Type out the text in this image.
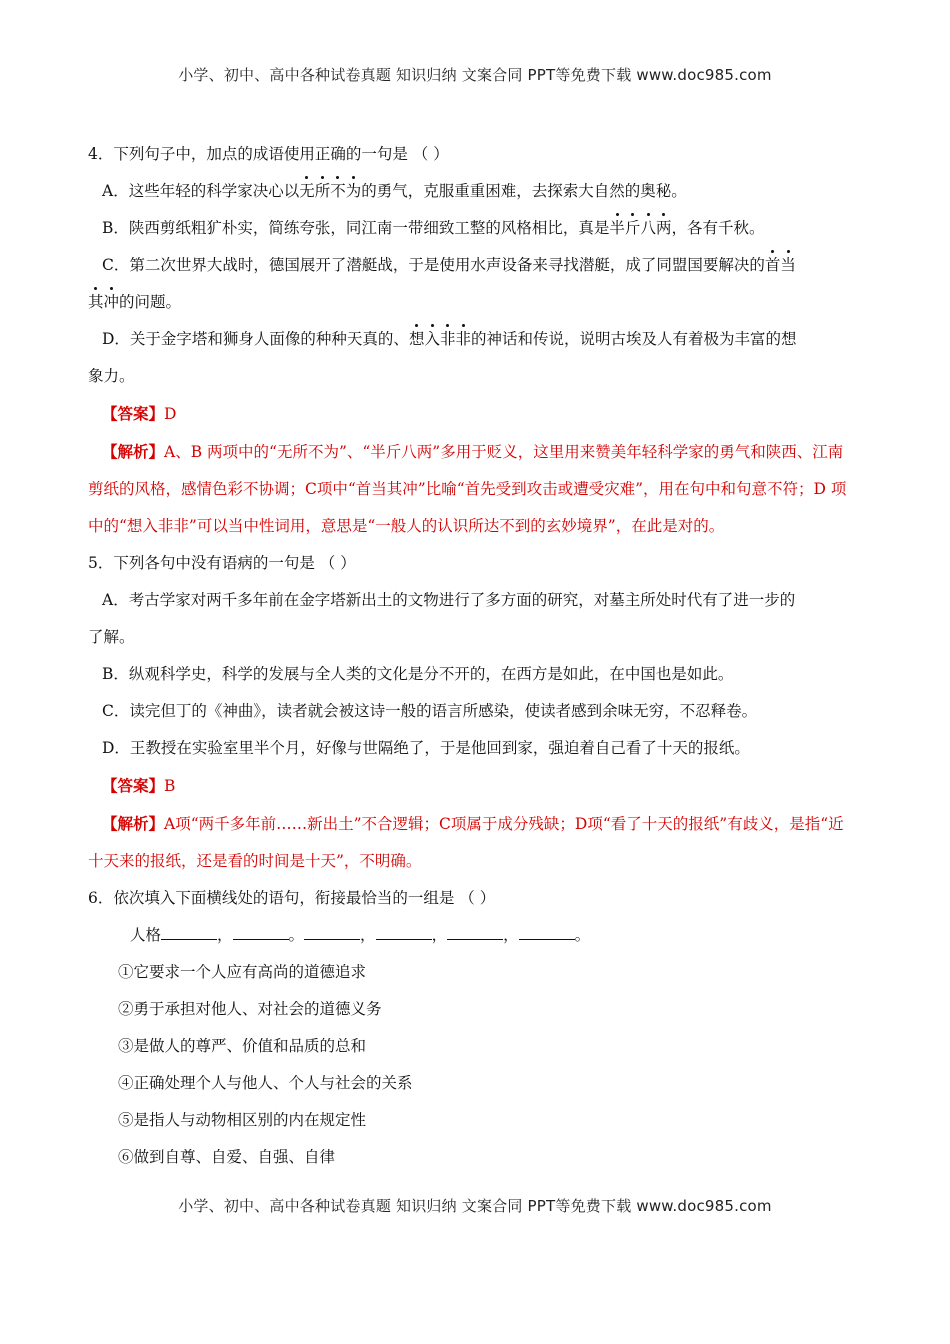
小学、初中、高中各种试卷真题 知识归纳 文案合同 PPT等免费下载 www.doc985.com
4．下列句子中，加点的成语使用正确的一句是 （ ）
A．这些年轻的科学家决心以无所不为的勇气，克服重重困难，去探索大自然的奥秘。
B．陕西剪纸粗犷朴实，简练夸张，同江南一带细致工整的风格相比，真是半斤八两，各有千秋。
C．第二次世界大战时，德国展开了潜艇战，于是使用水声设备来寻找潜艇，成了同盟国要解决的首当
其冲的问题。
D．关于金字塔和狮身人面像的种种天真的、想入非非的神话和传说，说明古埃及人有着极为丰富的想
象力。
【答案】D
【解析】A、B 两项中的“无所不为”、“半斤八两”多用于贬义，这里用来赞美年轻科学家的勇气和陕西、江南剪纸的风格，感情色彩不协调；C项中“首当其冲”比喻“首先受到攻击或遭受灾难”，用在句中和句意不符；D 项中的“想入非非”可以当中性词用，意思是“一般人的认识所达不到的玄妙境界”，在此是对的。
5．下列各句中没有语病的一句是 （ ）
A．考古学家对两千多年前在金字塔新出土的文物进行了多方面的研究，对墓主所处时代有了进一步的
了解。
B．纵观科学史，科学的发展与全人类的文化是分不开的，在西方是如此，在中国也是如此。
C．读完但丁的《神曲》，读者就会被这诗一般的语言所感染，使读者感到余味无穷，不忍释卷。
D．王教授在实验室里半个月，好像与世隔绝了，于是他回到家，强迫着自己看了十天的报纸。
【答案】B
【解析】A项“两千多年前……新出土”不合逻辑；C项属于成分残缺；D项“看了十天的报纸”有歧义，是指“近十天来的报纸，还是看的时间是十天”，不明确。
6．依次填入下面横线处的语句，衔接最恰当的一组是 （ ）
人格	，	。	，	，	，	。
①它要求一个人应有高尚的道德追求
②勇于承担对他人、对社会的道德义务
③是做人的尊严、价值和品质的总和
④正确处理个人与他人、个人与社会的关系
⑤是指人与动物相区别的内在规定性
⑥做到自尊、自爱、自强、自律
小学、初中、高中各种试卷真题 知识归纳 文案合同 PPT等免费下载 www.doc985.com
